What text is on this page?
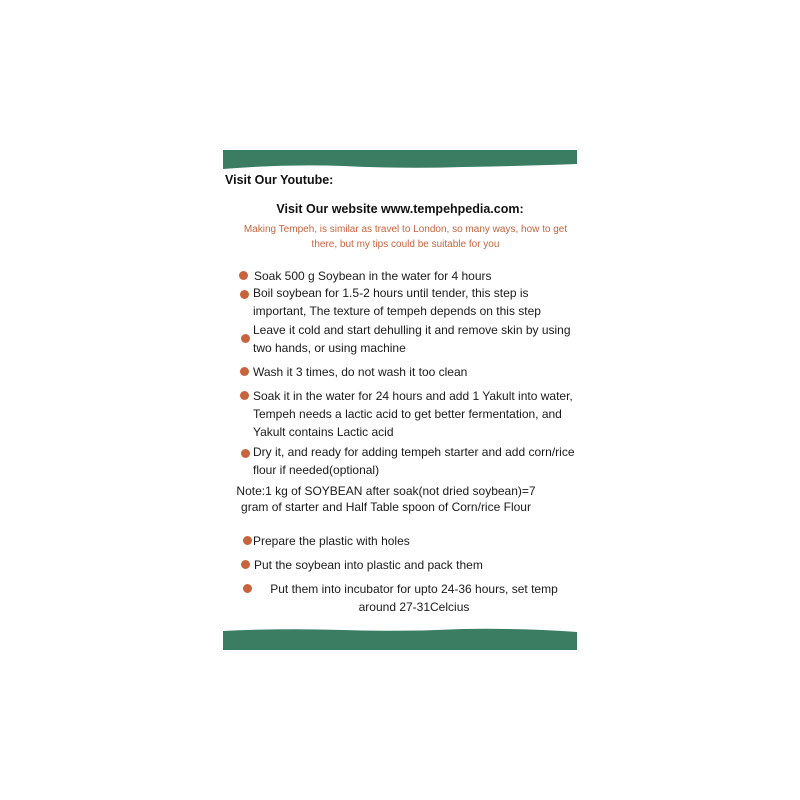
Visit Our Youtube:
Visit Our website www.tempehpedia.com:
Making Tempeh, is similar as travel to London, so many ways, how to get there, but my tips could be suitable for you
Soak 500 g Soybean in the water for 4 hours
Boil soybean for 1.5-2 hours until tender, this step is important, The texture of tempeh depends on this step
Leave it cold and start dehulling it and remove skin by using two hands, or using machine
Wash it 3 times, do not wash it too clean
Soak it in the water for 24 hours and add 1 Yakult into water, Tempeh needs a lactic acid to get better fermentation, and Yakult contains Lactic acid
Dry it, and ready for adding tempeh starter and add corn/rice flour if needed(optional)
Note:1 kg of SOYBEAN after soak(not dried soybean)=7 gram of starter and Half Table spoon of Corn/rice Flour
Prepare the plastic with holes
Put the soybean into plastic and pack them
Put them into incubator for upto 24-36 hours, set temp around 27-31Celcius
